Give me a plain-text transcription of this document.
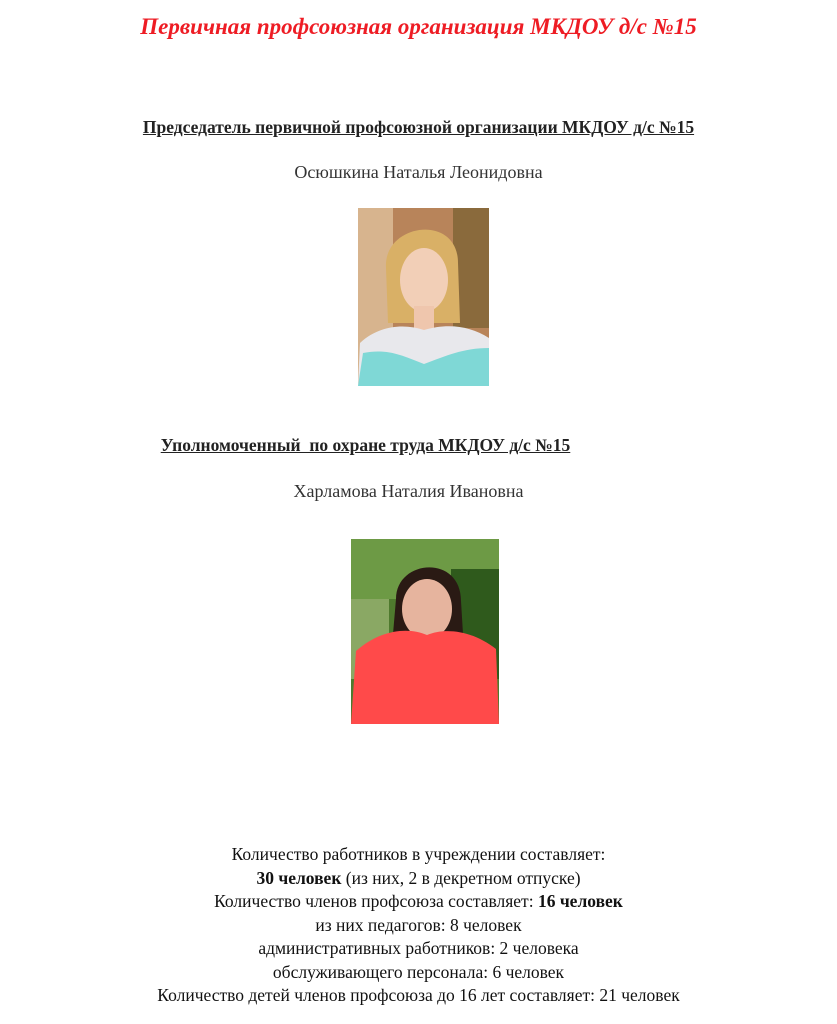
Первичная профсоюзная организация МКДОУ д/с №15
Председатель первичной профсоюзной организации МКДОУ д/с №15
Осюшкина Наталья Леонидовна
Уполномоченный  по охране труда МКДОУ д/с №15
Харламова Наталия Ивановна

Количество работников в учреждении составляет:

30 человек (из них, 2 в декретном отпуске)

Количество членов профсоюза составляет: 16 человек

из них педагогов: 8 человек

административных работников: 2 человека

обслуживающего персонала: 6 человек

Количество детей членов профсоюза до 16 лет составляет: 21 человек
